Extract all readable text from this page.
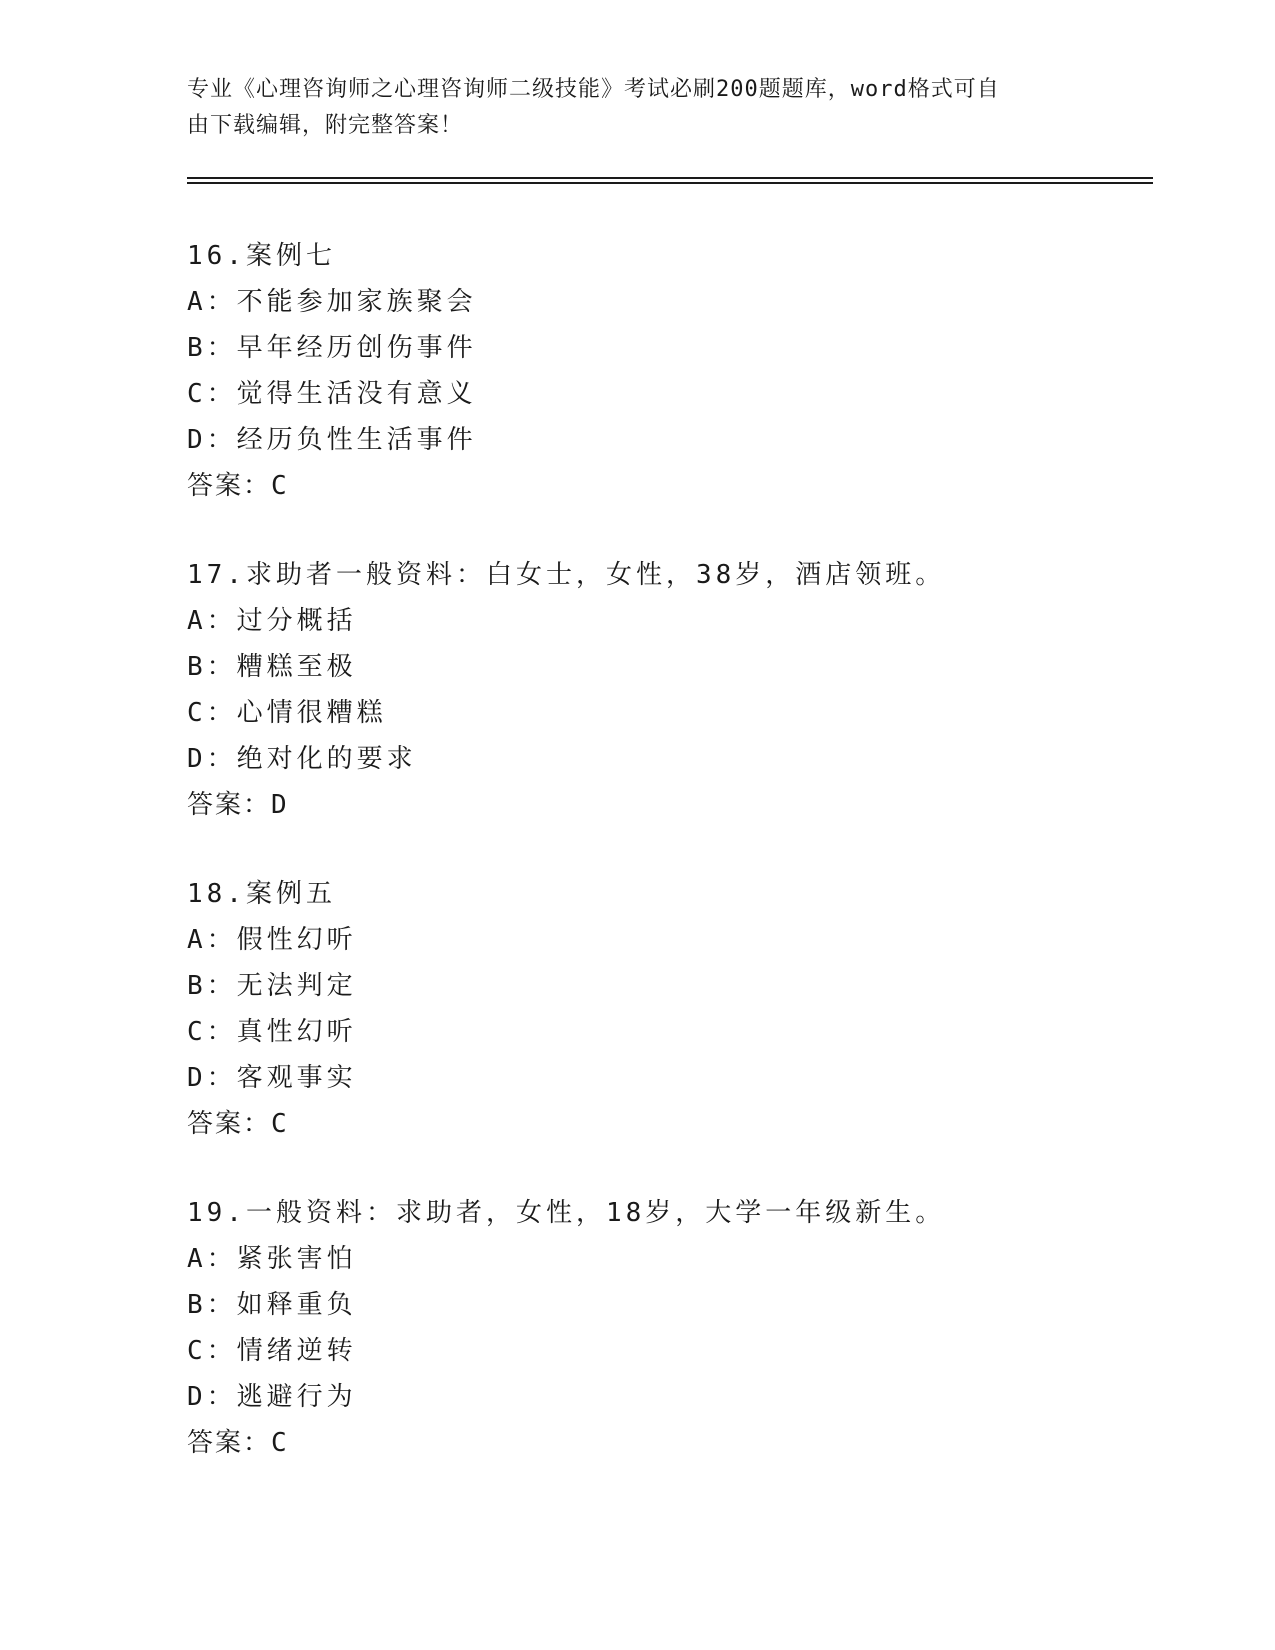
专业《心理咨询师之心理咨询师二级技能》考试必刷200题题库，word格式可自
由下载编辑，附完整答案！
16.案例七
A：不能参加家族聚会
B：早年经历创伤事件
C：觉得生活没有意义
D：经历负性生活事件
答案：C
17.求助者一般资料：白女士，女性，38岁，酒店领班。
A：过分概括
B：糟糕至极
C：心情很糟糕
D：绝对化的要求
答案：D
18.案例五
A：假性幻听
B：无法判定
C：真性幻听
D：客观事实
答案：C
19.一般资料：求助者，女性，18岁，大学一年级新生。
A：紧张害怕
B：如释重负
C：情绪逆转
D：逃避行为
答案：C
